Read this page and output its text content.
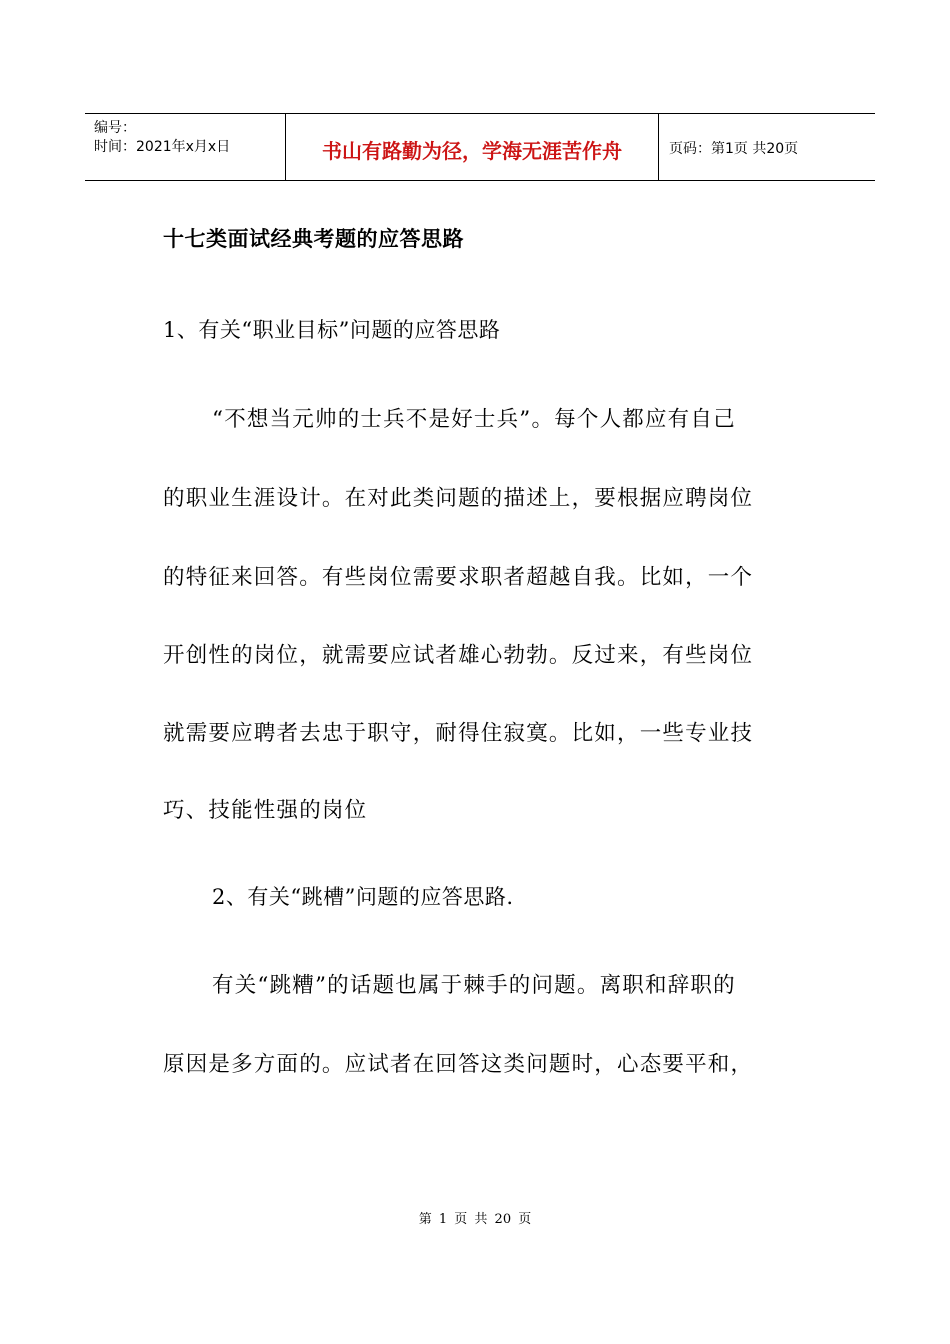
编号：
时间：2021年x月x日	书山有路勤为径，学海无涯苦作舟	页码：第1页 共20页
十七类面试经典考题的应答思路
1、有关“职业目标”问题的应答思路
“不想当元帅的士兵不是好士兵”。每个人都应有自己
的职业生涯设计。在对此类问题的描述上，要根据应聘岗位
的特征来回答。有些岗位需要求职者超越自我。比如，一个
开创性的岗位，就需要应试者雄心勃勃。反过来，有些岗位
就需要应聘者去忠于职守，耐得住寂寞。比如，一些专业技
巧、技能性强的岗位
2、有关“跳槽”问题的应答思路.
有关“跳糟”的话题也属于棘手的问题。离职和辞职的
原因是多方面的。应试者在回答这类问题时，心态要平和，
第 1 页 共 20 页
